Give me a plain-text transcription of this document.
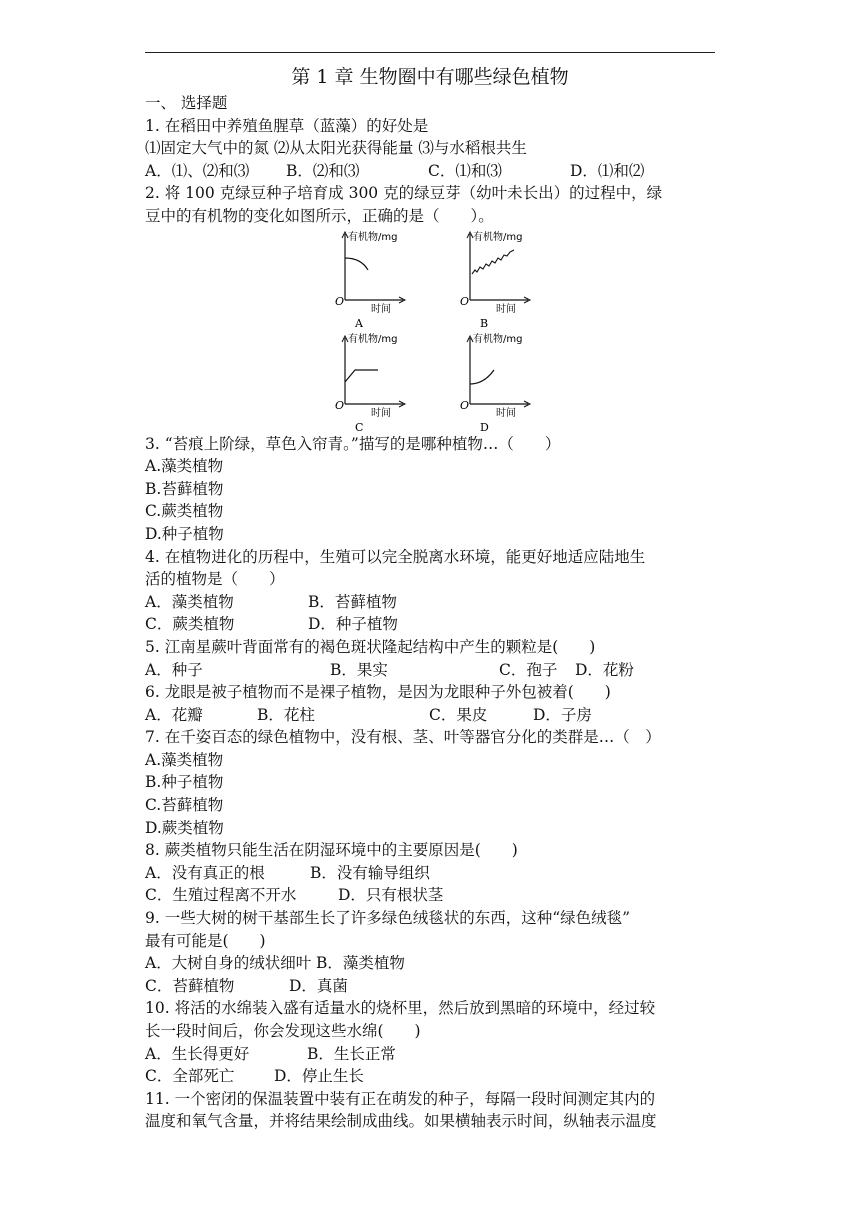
第 1 章 生物圈中有哪些绿色植物
一、 选择题
1. 在稻田中养殖鱼腥草（蓝藻）的好处是
⑴固定大气中的氮 ⑵从太阳光获得能量 ⑶与水稻根共生
A．⑴、⑵和⑶	B．⑵和⑶	C．⑴和⑶	D．⑴和⑵
2. 将 100 克绿豆种子培育成 300 克的绿豆芽（幼叶未长出）的过程中，绿
豆中的有机物的变化如图所示，正确的是（　　）。
有机物/mg
O
时间
A
有机物/mg
O
时间
B
有机物/mg
O
时间
C
有机物/mg
O
时间
D
3. “苔痕上阶绿，草色入帘青。”描写的是哪种植物…（　　）
A.藻类植物
B.苔藓植物
C.蕨类植物
D.种子植物
4. 在植物进化的历程中，生殖可以完全脱离水环境，能更好地适应陆地生
活的植物是（　　）
A．藻类植物	B．苔藓植物
C．蕨类植物	D．种子植物
5. 江南星蕨叶背面常有的褐色斑状隆起结构中产生的颗粒是(　　)
A．种子	B．果实	C．孢子	D．花粉
6. 龙眼是被子植物而不是裸子植物，是因为龙眼种子外包被着(　　)
A．花瓣	B．花柱	C．果皮	D．子房
7. 在千姿百态的绿色植物中，没有根、茎、叶等器官分化的类群是…（　）
A.藻类植物
B.种子植物
C.苔藓植物
D.蕨类植物
8. 蕨类植物只能生活在阴湿环境中的主要原因是(　　)
A．没有真正的根	B．没有输导组织
C．生殖过程离不开水	D．只有根状茎
9. 一些大树的树干基部生长了许多绿色绒毯状的东西，这种“绿色绒毯”
最有可能是(　　)
A．大树自身的绒状细叶 B．藻类植物
C．苔藓植物	D．真菌
10. 将活的水绵装入盛有适量水的烧杯里，然后放到黑暗的环境中，经过较
长一段时间后，你会发现这些水绵(　　)
A．生长得更好	B．生长正常
C．全部死亡	D．停止生长
11. 一个密闭的保温装置中装有正在萌发的种子，每隔一段时间测定其内的
温度和氧气含量，并将结果绘制成曲线。如果横轴表示时间，纵轴表示温度
